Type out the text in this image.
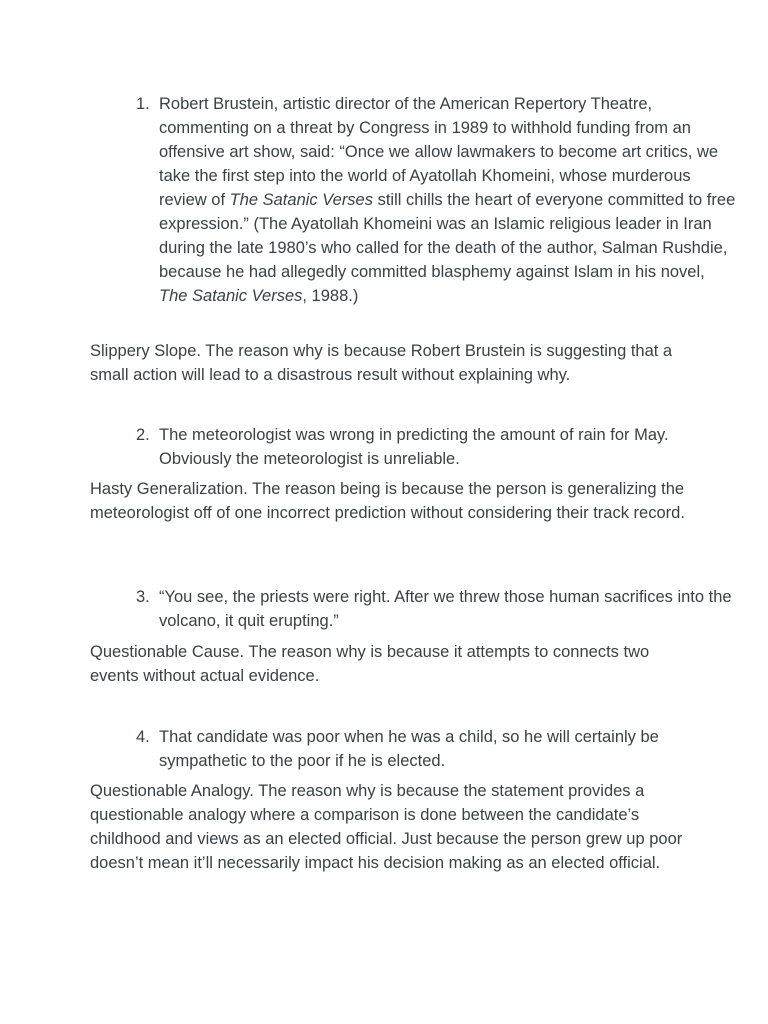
1. Robert Brustein, artistic director of the American Repertory Theatre, commenting on a threat by Congress in 1989 to withhold funding from an offensive art show, said: “Once we allow lawmakers to become art critics, we take the first step into the world of Ayatollah Khomeini, whose murderous review of The Satanic Verses still chills the heart of everyone committed to free expression.” (The Ayatollah Khomeini was an Islamic religious leader in Iran during the late 1980’s who called for the death of the author, Salman Rushdie, because he had allegedly committed blasphemy against Islam in his novel, The Satanic Verses, 1988.)
Slippery Slope. The reason why is because Robert Brustein is suggesting that a small action will lead to a disastrous result without explaining why.
2. The meteorologist was wrong in predicting the amount of rain for May. Obviously the meteorologist is unreliable.
Hasty Generalization. The reason being is because the person is generalizing the meteorologist off of one incorrect prediction without considering their track record.
3. “You see, the priests were right. After we threw those human sacrifices into the volcano, it quit erupting.”
Questionable Cause. The reason why is because it attempts to connects two events without actual evidence.
4. That candidate was poor when he was a child, so he will certainly be sympathetic to the poor if he is elected.
Questionable Analogy. The reason why is because the statement provides a questionable analogy where a comparison is done between the candidate’s childhood and views as an elected official. Just because the person grew up poor doesn’t mean it’ll necessarily impact his decision making as an elected official.
